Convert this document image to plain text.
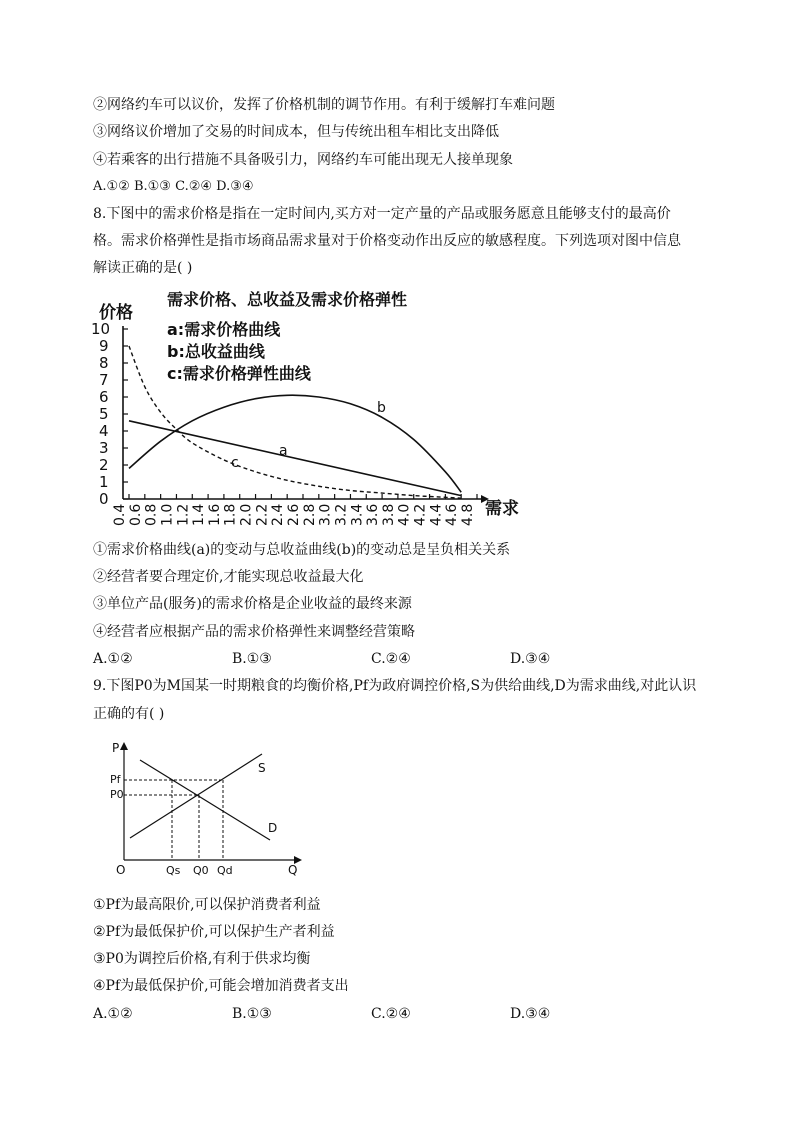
②网络约车可以议价，发挥了价格机制的调节作用。有利于缓解打车难问题
③网络议价增加了交易的时间成本，但与传统出租车相比支出降低
④若乘客的出行措施不具备吸引力，网络约车可能出现无人接单现象
A.①② B.①③ C.②④ D.③④
8.下图中的需求价格是指在一定时间内,买方对一定产量的产品或服务愿意且能够支付的最高价
格。需求价格弹性是指市场商品需求量对于价格变动作出反应的敏感程度。下列选项对图中信息
解读正确的是( )
0
1
2
3
4
5
6
7
8
9
10
0.4 0.6 0.8 1.0 1.2 1.4 1.6 1.8 2.0 2.2 2.4 2.6 2.8 3.0 3.2 3.4 3.6 3.8 4.0 4.2 4.4 4.6 4.8
价格
需求价格、总收益及需求价格弹性
a:需求价格曲线
b:总收益曲线
c:需求价格弹性曲线
需求
a
b
c
①需求价格曲线(a)的变动与总收益曲线(b)的变动总是呈负相关关系
②经营者要合理定价,才能实现总收益最大化
③单位产品(服务)的需求价格是企业收益的最终来源
④经营者应根据产品的需求价格弹性来调整经营策略
A.①②	B.①③	C.②④	D.③④
9.下图P0为M国某一时期粮食的均衡价格,Pf为政府调控价格,S为供给曲线,D为需求曲线,对此认识
正确的有( )
P
Q
O
Pf
P0
Qs Q0 Qd
S
D
①Pf为最高限价,可以保护消费者利益
②Pf为最低保护价,可以保护生产者利益
③P0为调控后价格,有利于供求均衡
④Pf为最低保护价,可能会增加消费者支出
A.①②	B.①③	C.②④	D.③④
